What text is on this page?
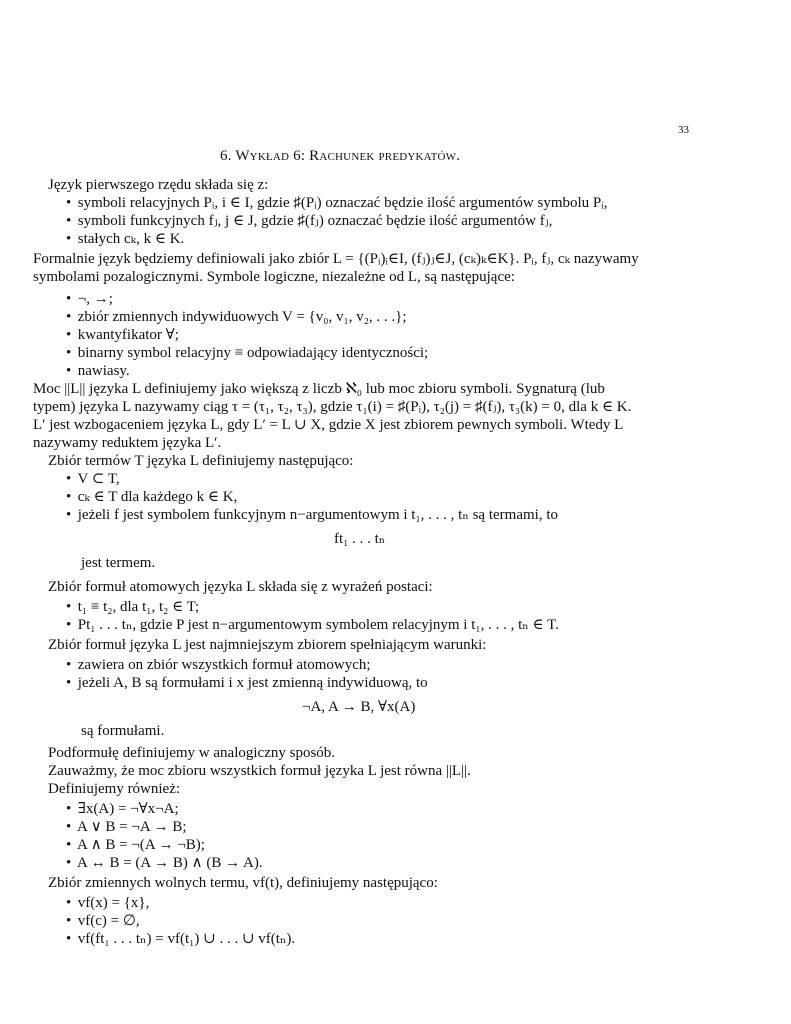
33
6. Wykład 6: Rachunek predykatów.
Język pierwszego rzędu składa się z:
• symboli relacyjnych Pᵢ, i ∈ I, gdzie ♯(Pᵢ) oznaczać będzie ilość argumentów symbolu Pᵢ,
• symboli funkcyjnych fⱼ, j ∈ J, gdzie ♯(fⱼ) oznaczać będzie ilość argumentów fⱼ,
• stałych cₖ, k ∈ K.
Formalnie język będziemy definiowali jako zbiór L = {(Pᵢ)ᵢ∈I, (fⱼ)ⱼ∈J, (cₖ)ₖ∈K}. Pᵢ, fⱼ, cₖ nazywamy
symbolami pozalogicznymi. Symbole logiczne, niezależne od L, są następujące:
• ¬, →;
• zbiór zmiennych indywiduowych V = {v₀, v₁, v₂, . . .};
• kwantyfikator ∀;
• binarny symbol relacyjny ≡ odpowiadający identyczności;
• nawiasy.
Moc ||L|| języka L definiujemy jako większą z liczb ℵ₀ lub moc zbioru symboli. Sygnaturą (lub
typem) języka L nazywamy ciąg τ = (τ₁, τ₂, τ₃), gdzie τ₁(i) = ♯(Pᵢ), τ₂(j) = ♯(fⱼ), τ₃(k) = 0, dla k ∈ K.
L′ jest wzbogaceniem języka L, gdy L′ = L ∪ X, gdzie X jest zbiorem pewnych symboli. Wtedy L
nazywamy reduktem języka L′.
Zbiór termów T języka L definiujemy następująco:
• V ⊂ T,
• cₖ ∈ T dla każdego k ∈ K,
• jeżeli f jest symbolem funkcyjnym n−argumentowym i t₁, . . . , tₙ są termami, to
ft₁ . . . tₙ
jest termem.
Zbiór formuł atomowych języka L składa się z wyrażeń postaci:
• t₁ ≡ t₂, dla t₁, t₂ ∈ T;
• Pt₁ . . . tₙ, gdzie P jest n−argumentowym symbolem relacyjnym i t₁, . . . , tₙ ∈ T.
Zbiór formuł języka L jest najmniejszym zbiorem spełniającym warunki:
• zawiera on zbiór wszystkich formuł atomowych;
• jeżeli A, B są formułami i x jest zmienną indywiduową, to
¬A, A → B, ∀x(A)
są formułami.
Podformułę definiujemy w analogiczny sposób.
Zauważmy, że moc zbioru wszystkich formuł języka L jest równa ||L||.
Definiujemy również:
• ∃x(A) = ¬∀x¬A;
• A ∨ B = ¬A → B;
• A ∧ B = ¬(A → ¬B);
• A ↔ B = (A → B) ∧ (B → A).
Zbiór zmiennych wolnych termu, vf(t), definiujemy następująco:
• vf(x) = {x},
• vf(c) = ∅,
• vf(ft₁ . . . tₙ) = vf(t₁) ∪ . . . ∪ vf(tₙ).
